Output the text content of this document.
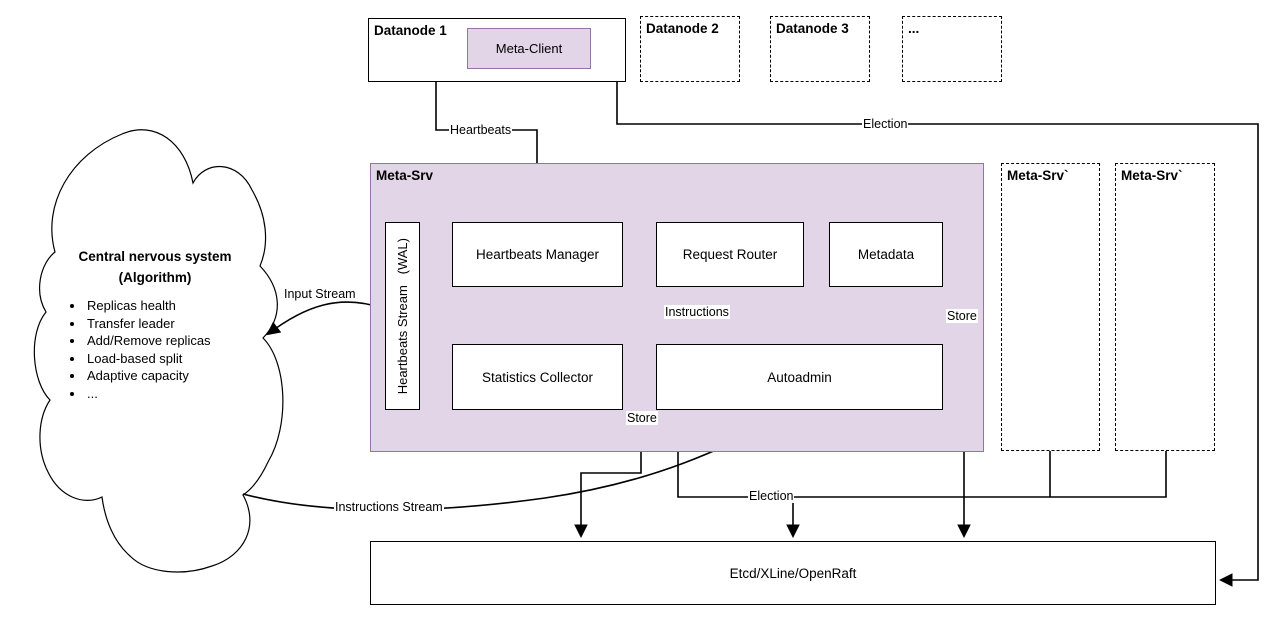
Datanode 1
Meta-Client
Datanode 2	Datanode 3	...
Meta-Srv
Heartbeats Stream   (WAL)	Heartbeats Manager	Request Router	Metadata
Statistics Collector	Autoadmin
Meta-Srv`	Meta-Srv`
Etcd/XLine/OpenRaft
Central nervous system
(Algorithm)
• Replicas health
• Transfer leader
• Add/Remove replicas
• Load-based split
• Adaptive capacity
• ...
Heartbeats	Election
Input Stream
Instructions
Store
Store
Election
Instructions Stream
